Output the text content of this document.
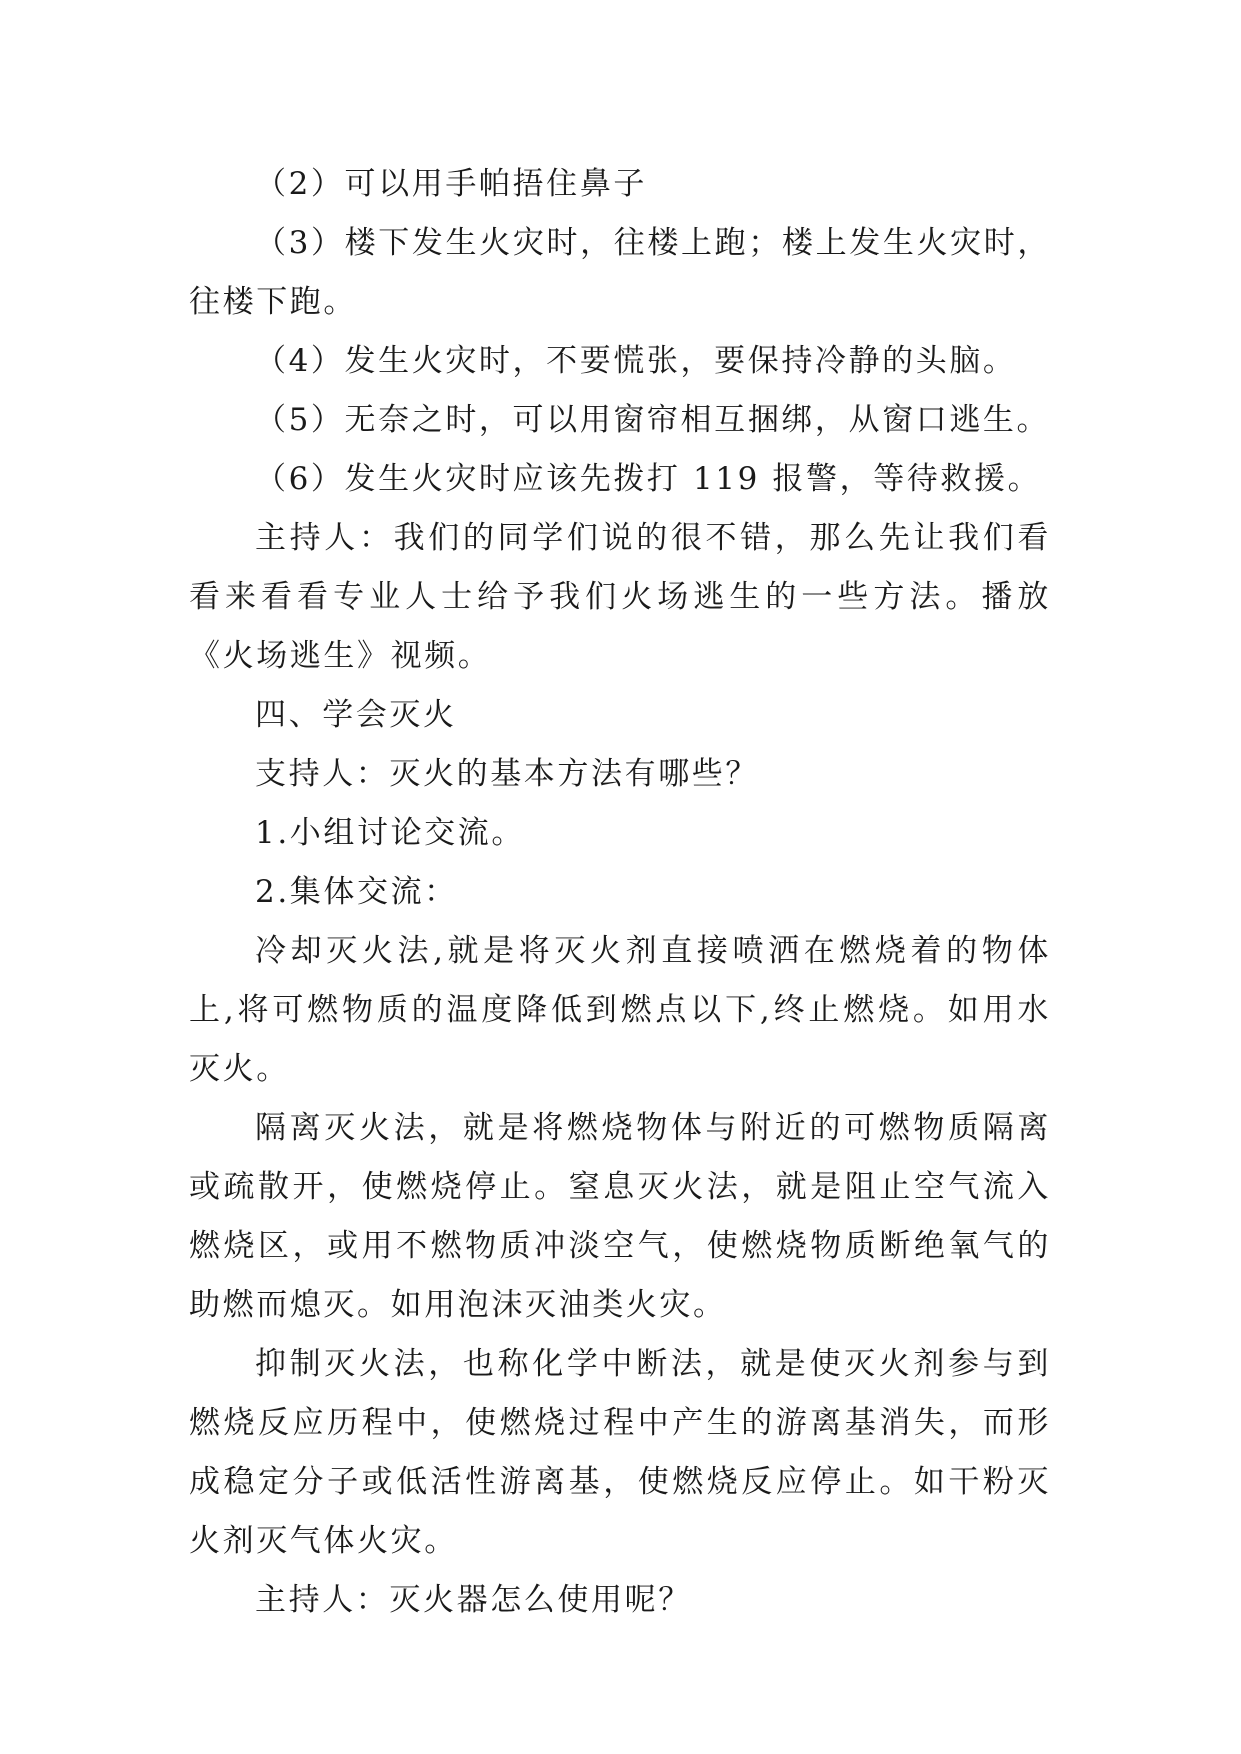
（2）可以用手帕捂住鼻子

（3）楼下发生火灾时，往楼上跑；楼上发生火灾时，往楼下跑。

（4）发生火灾时，不要慌张，要保持冷静的头脑。

（5）无奈之时，可以用窗帘相互捆绑，从窗口逃生。

（6）发生火灾时应该先拨打 119 报警，等待救援。

主持人：我们的同学们说的很不错，那么先让我们看看来看看专业人士给予我们火场逃生的一些方法。播放《火场逃生》视频。

四、学会灭火

支持人：灭火的基本方法有哪些？

1.小组讨论交流。

2.集体交流：

冷却灭火法,就是将灭火剂直接喷洒在燃烧着的物体上,将可燃物质的温度降低到燃点以下,终止燃烧。如用水灭火。

隔离灭火法，就是将燃烧物体与附近的可燃物质隔离或疏散开，使燃烧停止。窒息灭火法，就是阻止空气流入燃烧区，或用不燃物质冲淡空气，使燃烧物质断绝氧气的助燃而熄灭。如用泡沫灭油类火灾。

抑制灭火法，也称化学中断法，就是使灭火剂参与到燃烧反应历程中，使燃烧过程中产生的游离基消失，而形成稳定分子或低活性游离基，使燃烧反应停止。如干粉灭火剂灭气体火灾。

主持人：灭火器怎么使用呢？
